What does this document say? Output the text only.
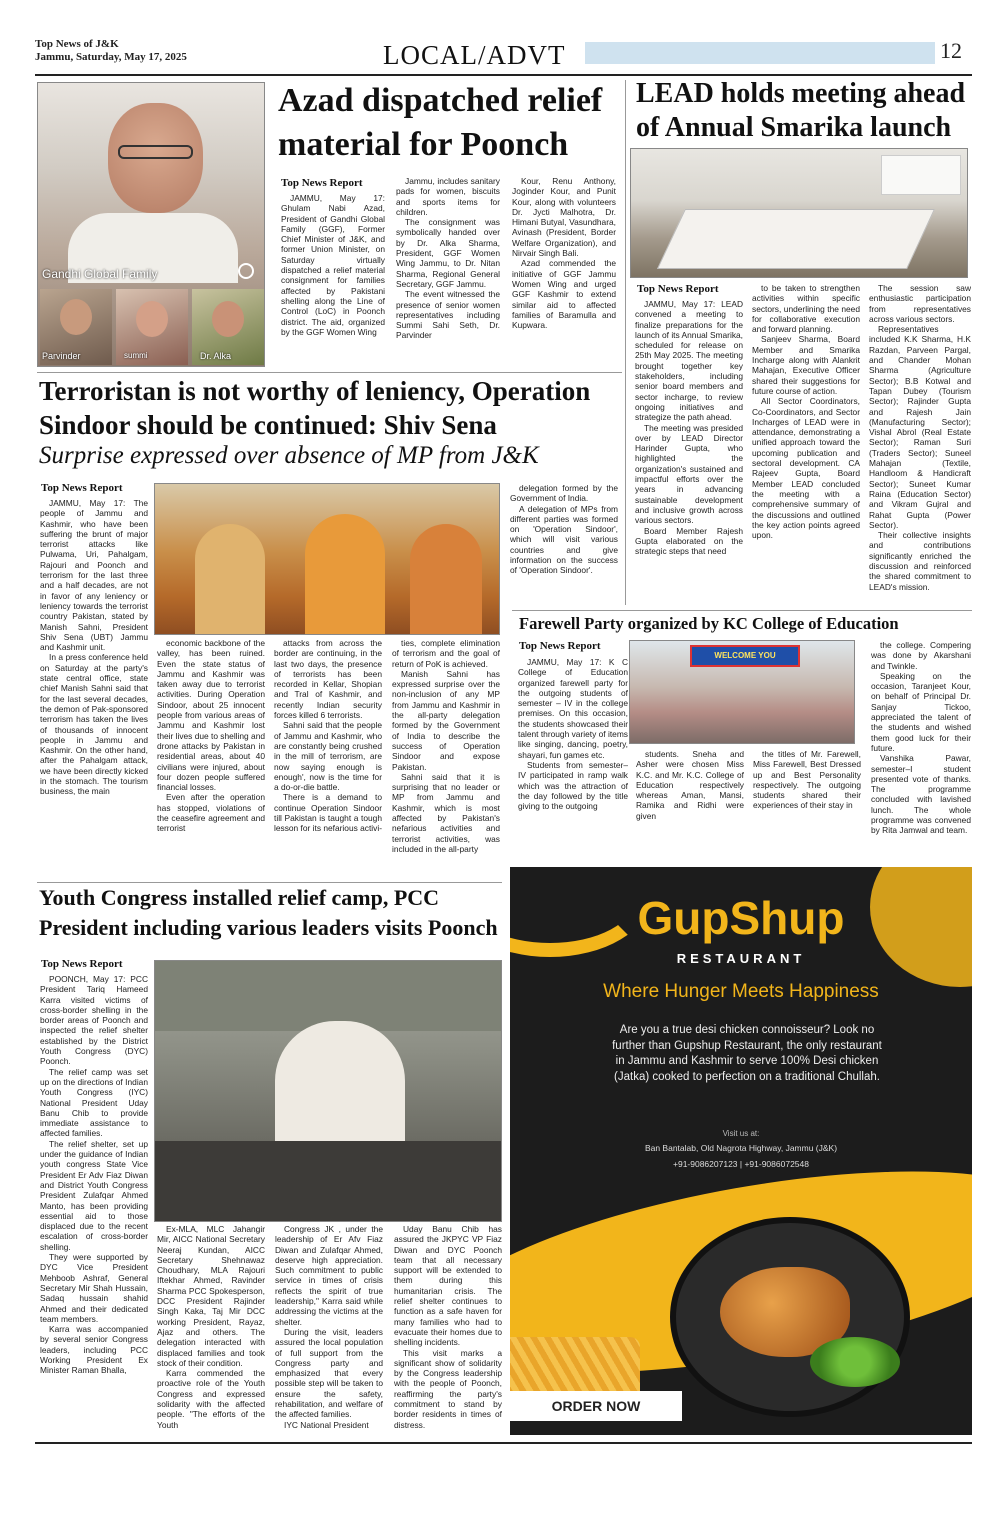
Top News of J&K
Jammu, Saturday, May 17, 2025	LOCAL/ADVT	12
Gandhi Global Family
Parvinder	summi	Dr. Alka
Azad dispatched relief
material for Poonch
Top News Report

JAMMU, May 17: Ghulam Nabi Azad, President of Gandhi Global Family (GGF), Former Chief Minister of J&K, and former Union Minister, on Saturday virtually dispatched a relief material consignment for families affected by Pakistani shelling along the Line of Control (LoC) in Poonch district. The aid, organized by the GGF Women Wing

Jammu, includes sanitary pads for women, biscuits and sports items for children.

The consignment was symbolically handed over by Dr. Alka Sharma, President, GGF Women Wing Jammu, to Dr. Nitan Sharma, Regional General Secretary, GGF Jammu.

The event witnessed the presence of senior women representatives including Summi Sahi Seth, Dr. Parvinder

Kour, Renu Anthony, Joginder Kour, and Punit Kour, along with volunteers Dr. Jycti Malhotra, Dr. Himani Butyal, Vasundhara, Avinash (President, Border Welfare Organization), and Nirvair Singh Bali.

Azad commended the initiative of GGF Jammu Women Wing and urged GGF Kashmir to extend similar aid to affected families of Baramulla and Kupwara.

LEAD holds meeting ahead
of Annual Smarika launch
Top News Report

JAMMU, May 17: LEAD convened a meeting to finalize preparations for the launch of its Annual Smarika, scheduled for release on 25th May 2025. The meeting brought together key stakeholders, including senior board members and sector incharge, to review ongoing initiatives and strategize the path ahead.

The meeting was presided over by LEAD Director Harinder Gupta, who highlighted the organization's sustained and impactful efforts over the years in advancing sustainable development and inclusive growth across various sectors.

Board Member Rajesh Gupta elaborated on the strategic steps that need

to be taken to strengthen activities within specific sectors, underlining the need for collaborative execution and forward planning.

Sanjeev Sharma, Board Member and Smarika Incharge along with Alankrit Mahajan, Executive Officer shared their suggestions for future course of action.

All Sector Coordinators, Co-Coordinators, and Sector Incharges of LEAD were in attendance, demonstrating a unified approach toward the upcoming publication and sectoral development. CA Rajeev Gupta, Board Member LEAD concluded the meeting with a comprehensive summary of the discussions and outlined the key action points agreed upon.

The session saw enthusiastic participation from representatives across various sectors.

Representatives included K.K Sharma, H.K Razdan, Parveen Pargal, and Chander Mohan Sharma (Agriculture Sector); B.B Kotwal and Tapan Dubey (Tourism Sector); Rajinder Gupta and Rajesh Jain (Manufacturing Sector); Vishal Abrol (Real Estate Sector); Raman Suri (Traders Sector); Suneel Mahajan (Textile, Handloom & Handicraft Sector); Suneet Kumar Raina (Education Sector) and Vikram Gujral and Rahat Gupta (Power Sector).

Their collective insights and contributions significantly enriched the discussion and reinforced the shared commitment to LEAD's mission.

Terroristan is not worthy of leniency, Operation
Sindoor should be continued: Shiv Sena
Surprise expressed over absence of MP from J&K
Top News Report

JAMMU, May 17: The people of Jammu and Kashmir, who have been suffering the brunt of major terrorist attacks like Pulwama, Uri, Pahalgam, Rajouri and Poonch and terrorism for the last three and a half decades, are not in favor of any leniency or leniency towards the terrorist country Pakistan, stated by Manish Sahni, President Shiv Sena (UBT) Jammu and Kashmir unit.

In a press conference held on Saturday at the party's state central office, state chief Manish Sahni said that for the last several decades, the demon of Pak-sponsored terrorism has taken the lives of thousands of innocent people in Jammu and Kashmir. On the other hand, after the Pahalgam attack, we have been directly kicked in the stomach. The tourism business, the main

economic backbone of the valley, has been ruined. Even the state status of Jammu and Kashmir was taken away due to terrorist activities. During Operation Sindoor, about 25 innocent people from various areas of Jammu and Kashmir lost their lives due to shelling and drone attacks by Pakistan in residential areas, about 40 civilians were injured, about four dozen people suffered financial losses.

Even after the operation has stopped, violations of the ceasefire agreement and terrorist

attacks from across the border are continuing, in the last two days, the presence of terrorists has been recorded in Kellar, Shopian and Tral of Kashmir, and recently Indian security forces killed 6 terrorists.

Sahni said that the people of Jammu and Kashmir, who are constantly being crushed in the mill of terrorism, are now saying enough is enough', now is the time for a do-or-die battle.

There is a demand to continue Operation Sindoor till Pakistan is taught a tough lesson for its nefarious activi-

ties, complete elimination of terrorism and the goal of return of PoK is achieved.

Manish Sahni has expressed surprise over the non-inclusion of any MP from Jammu and Kashmir in the all-party delegation formed by the Government of India to describe the success of Operation Sindoor and expose Pakistan.

Sahni said that it is surprising that no leader or MP from Jammu and Kashmir, which is most affected by Pakistan's nefarious activities and terrorist activities, was included in the all-party

delegation formed by the Government of India.

A delegation of MPs from different parties was formed on 'Operation Sindoor', which will visit various countries and give information on the success of 'Operation Sindoor'.

Farewell Party organized by KC College of Education
Top News Report

JAMMU, May 17: K C College of Education organized farewell party for the outgoing students of semester – IV in the college premises. On this occasion, the students showcased their talent through variety of items like singing, dancing, poetry, shayari, fun games etc.

Students from semester–IV participated in ramp walk which was the attraction of the day followed by the title giving to the outgoing

WELCOME YOU

students. Sneha and Asher were chosen Miss K.C. and Mr. K.C. College of Education respectively whereas Aman, Mansi, Ramika and Ridhi were given

the titles of Mr. Farewell, Miss Farewell, Best Dressed up and Best Personality respectively. The outgoing students shared their experiences of their stay in

the college. Compering was done by Akarshani and Twinkle.

Speaking on the occasion, Taranjeet Kour, on behalf of Principal Dr. Sanjay Tickoo, appreciated the talent of the students and wished them good luck for their future.

Vanshika Pawar, semester–I student presented vote of thanks. The programme concluded with lavished lunch. The whole programme was convened by Rita Jamwal and team.

Youth Congress installed relief camp, PCC
President including various leaders visits Poonch
Top News Report

POONCH, May 17: PCC President Tariq Hameed Karra visited victims of cross-border shelling in the border areas of Poonch and inspected the relief shelter established by the District Youth Congress (DYC) Poonch.

The relief camp was set up on the directions of Indian Youth Congress (IYC) National President Uday Banu Chib to provide immediate assistance to affected families.

The relief shelter, set up under the guidance of Indian youth congress State Vice President Er Adv Fiaz Diwan and District Youth Congress President Zulafqar Ahmed Manto, has been providing essential aid to those displaced due to the recent escalation of cross-border shelling.

They were supported by DYC Vice President Mehboob Ashraf, General Secretary Mir Shah Hussain, Sadaq hussain shahid Ahmed and their dedicated team members.

Karra was accompanied by several senior Congress leaders, including PCC Working President Ex Minister Raman Bhalla,

Ex-MLA, MLC Jahangir Mir, AICC National Secretary Neeraj Kundan, AICC Secretary Shehnawaz Choudhary, MLA Rajouri Iftekhar Ahmed, Ravinder Sharma PCC Spokesperson, DCC President Rajinder Singh Kaka, Taj Mir DCC working President, Rayaz, Ajaz and others. The delegation interacted with displaced families and took stock of their condition.

Karra commended the proactive role of the Youth Congress and expressed solidarity with the affected people. "The efforts of the Youth

Congress JK , under the leadership of Er Afv Fiaz Diwan and Zulafqar Ahmed, deserve high appreciation. Such commitment to public service in times of crisis reflects the spirit of true leadership," Karra said while addressing the victims at the shelter.

During the visit, leaders assured the local population of full support from the Congress party and emphasized that every possible step will be taken to ensure the safety, rehabilitation, and welfare of the affected families.

IYC National President

Uday Banu Chib has assured the JKPYC VP Fiaz Diwan and DYC Poonch team that all necessary support will be extended to them during this humanitarian crisis. The relief shelter continues to function as a safe haven for many families who had to evacuate their homes due to shelling incidents.

This visit marks a significant show of solidarity by the Congress leadership with the people of Poonch, reaffirming the party's commitment to stand by border residents in times of distress.

GupShup
RESTAURANT
Where Hunger Meets Happiness
Are you a true desi chicken connoisseur? Look no further than Gupshup Restaurant, the only restaurant in Jammu and Kashmir to serve 100% Desi chicken (Jatka) cooked to perfection on a traditional Chullah.
Visit us at:
Ban Bantalab, Old Nagrota Highway, Jammu (J&K)
+91-9086207123 | +91-9086072548
ORDER NOW
